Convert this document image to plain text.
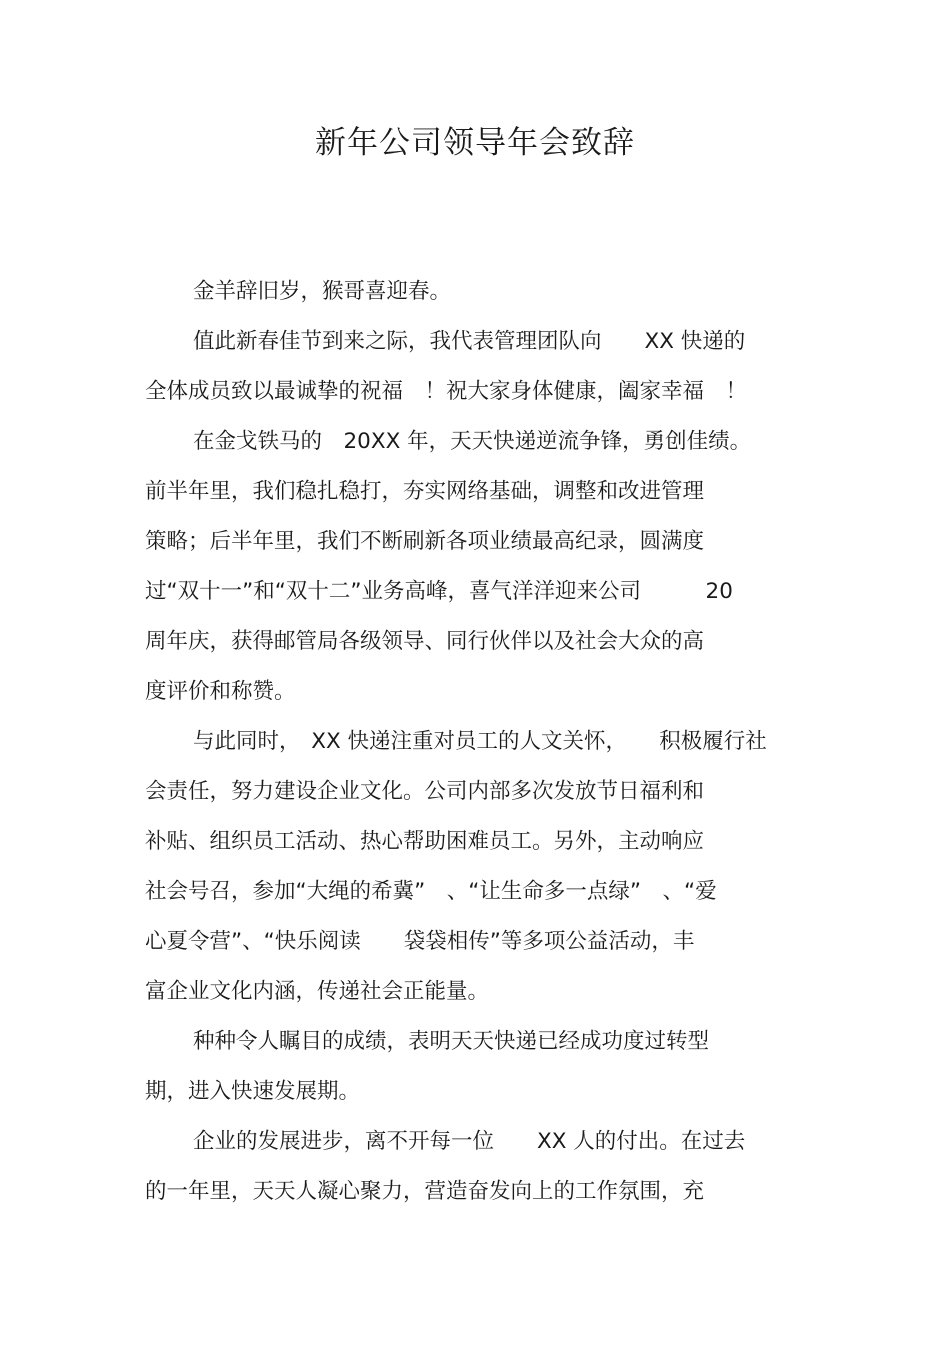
新年公司领导年会致辞
金羊辞旧岁，猴哥喜迎春。
值此新春佳节到来之际，我代表管理团队向　　XX 快递的
全体成员致以最诚挚的祝福　！祝大家身体健康，阖家幸福　！
在金戈铁马的　20XX 年，天天快递逆流争锋，勇创佳绩。
前半年里，我们稳扎稳打，夯实网络基础，调整和改进管理
策略；后半年里，我们不断刷新各项业绩最高纪录，圆满度
过“双十一”和“双十二”业务高峰，喜气洋洋迎来公司　　　20
周年庆，获得邮管局各级领导、同行伙伴以及社会大众的高
度评价和称赞。
与此同时，　XX 快递注重对员工的人文关怀，　　积极履行社
会责任，努力建设企业文化。公司内部多次发放节日福利和
补贴、组织员工活动、热心帮助困难员工。另外，主动响应
社会号召，参加“大绳的希冀”　、“让生命多一点绿”　、“爱
心夏令营”、“快乐阅读　　袋袋相传”等多项公益活动，丰
富企业文化内涵，传递社会正能量。
种种令人瞩目的成绩，表明天天快递已经成功度过转型
期，进入快速发展期。
企业的发展进步，离不开每一位　　XX 人的付出。在过去
的一年里，天天人凝心聚力，营造奋发向上的工作氛围，充
